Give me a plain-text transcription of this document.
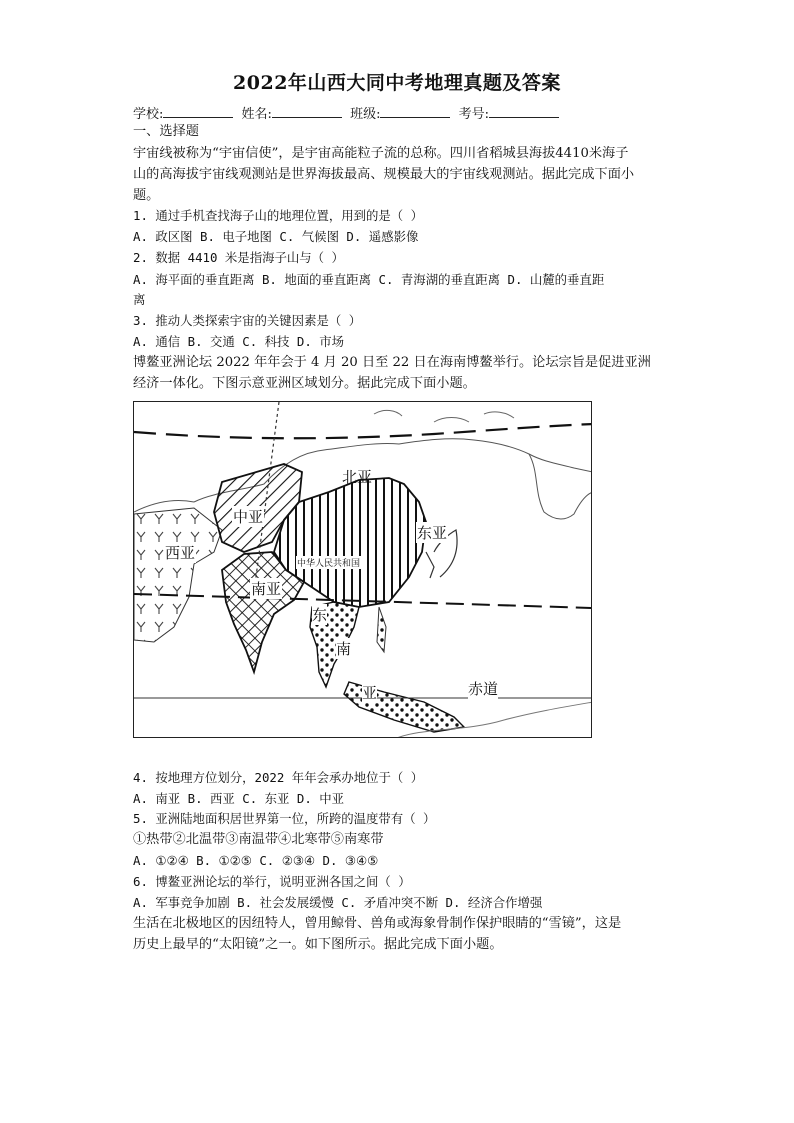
2022年山西大同中考地理真题及答案
学校:	姓名:	班级:	考号:
一、选择题
宇宙线被称为“宇宙信使”，是宇宙高能粒子流的总称。四川省稻城县海拔4410米海子
山的高海拔宇宙线观测站是世界海拔最高、规模最大的宇宙线观测站。据此完成下面小
题。
1. 通过手机查找海子山的地理位置，用到的是（ ）
A. 政区图 B. 电子地图 C. 气候图 D. 遥感影像
2. 数据 4410 米是指海子山与（ ）
A. 海平面的垂直距离 B. 地面的垂直距离 C. 青海湖的垂直距离 D. 山麓的垂直距
离
3. 推动人类探索宇宙的关键因素是（ ）
A. 通信 B. 交通 C. 科技 D. 市场
博鳌亚洲论坛 2022 年年会于 4 月 20 日至 22 日在海南博鳌举行。论坛宗旨是促进亚洲
经济一体化。下图示意亚洲区域划分。据此完成下面小题。
北亚
中亚
西亚
南亚
东亚
中华人民共和国
东
南
亚	赤道
4. 按地理方位划分，2022 年年会承办地位于（ ）
A. 南亚 B. 西亚 C. 东亚 D. 中亚
5. 亚洲陆地面积居世界第一位，所跨的温度带有（ ）
①热带②北温带③南温带④北寒带⑤南寒带
A. ①②④ B. ①②⑤ C. ②③④ D. ③④⑤
6. 博鳌亚洲论坛的举行，说明亚洲各国之间（ ）
A. 军事竞争加剧 B. 社会发展缓慢 C. 矛盾冲突不断 D. 经济合作增强
生活在北极地区的因纽特人，曾用鲸骨、兽角或海象骨制作保护眼睛的“雪镜”，这是
历史上最早的“太阳镜”之一。如下图所示。据此完成下面小题。
